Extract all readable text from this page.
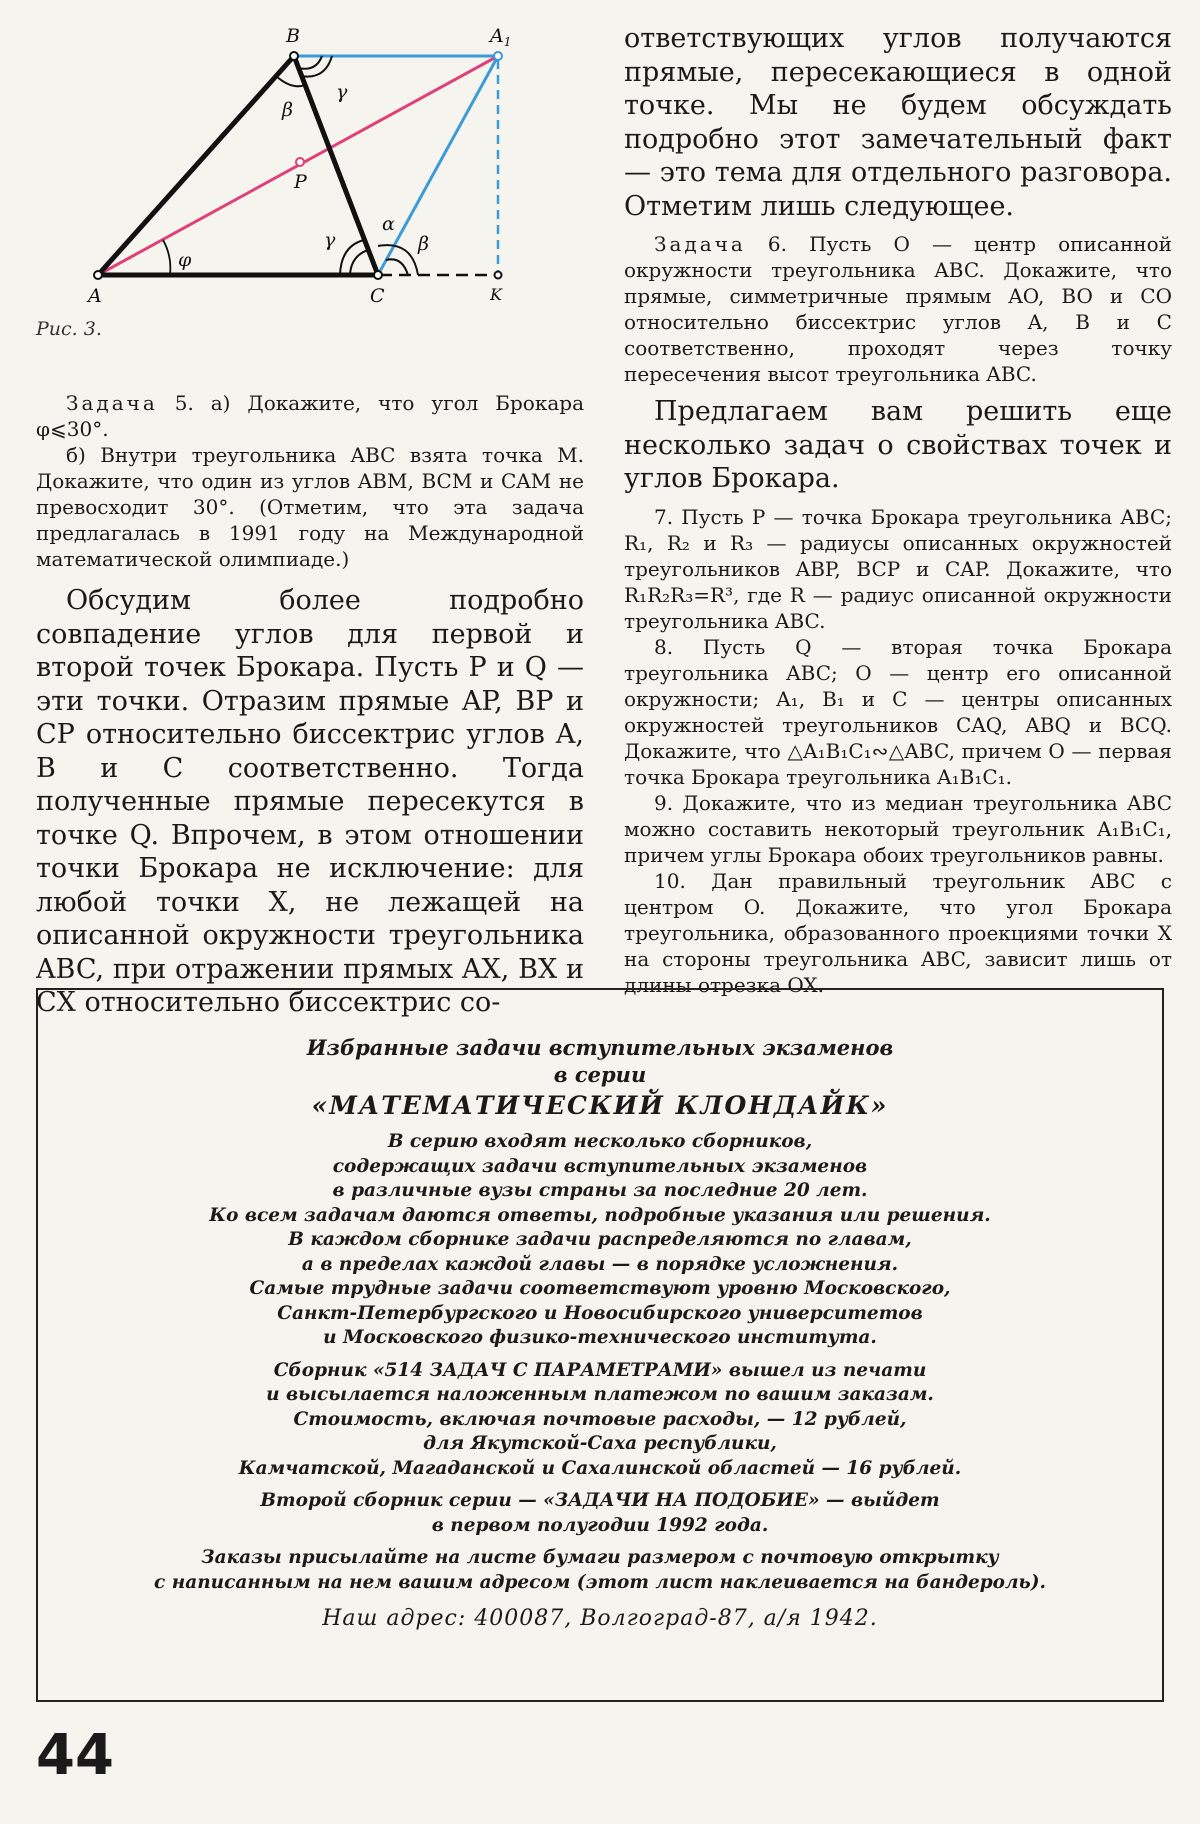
B	$A_1$
A	C	K
P
β
γ
γ
α
β
φ
Рис. 3.

Задача 5. а) Докажите, что угол Брокара φ⩽30°.

б) Внутри треугольника ABC взята точка M. Докажите, что один из углов ABM, BCM и CAM не превосходит 30°. (Отметим, что эта задача предлагалась в 1991 году на Международной математической олимпиаде.)

Обсудим более подробно совпадение углов для первой и второй точек Брокара. Пусть P и Q — эти точки. Отразим прямые AP, BP и CP относительно биссектрис углов A, B и C соответственно. Тогда полученные прямые пересекутся в точке Q. Впрочем, в этом отношении точки Брокара не исключение: для любой точки X, не лежащей на описанной окружности треугольника ABC, при отражении прямых AX, BX и CX относительно биссектрис со-

ответствующих углов получаются прямые, пересекающиеся в одной точке. Мы не будем обсуждать подробно этот замечательный факт — это тема для отдельного разговора. Отметим лишь следующее.

Задача 6. Пусть O — центр описанной окружности треугольника ABC. Докажите, что прямые, симметричные прямым AO, BO и CO относительно биссектрис углов A, B и C соответственно, проходят через точку пересечения высот треугольника ABC.

Предлагаем вам решить еще несколько задач о свойствах точек и углов Брокара.

7. Пусть P — точка Брокара треугольника ABC; R₁, R₂ и R₃ — радиусы описанных окружностей треугольников ABP, BCP и CAP. Докажите, что R₁R₂R₃=R³, где R — радиус описанной окружности треугольника ABC.

8. Пусть Q — вторая точка Брокара треугольника ABC; O — центр его описанной окружности; A₁, B₁ и C — центры описанных окружностей треугольников CAQ, ABQ и BCQ. Докажите, что △A₁B₁C₁∾△ABC, причем O — первая точка Брокара треугольника A₁B₁C₁.

9. Докажите, что из медиан треугольника ABC можно составить некоторый треугольник A₁B₁C₁, причем углы Брокара обоих треугольников равны.

10. Дан правильный треугольник ABC с центром O. Докажите, что угол Брокара треугольника, образованного проекциями точки X на стороны треугольника ABC, зависит лишь от длины отрезка OX.

Избранные задачи вступительных экзаменов
в серии
«МАТЕМАТИЧЕСКИЙ КЛОНДАЙК»
В серию входят несколько сборников,
содержащих задачи вступительных экзаменов
в различные вузы страны за последние 20 лет.
Ко всем задачам даются ответы, подробные указания или решения.
В каждом сборнике задачи распределяются по главам,
а в пределах каждой главы — в порядке усложнения.
Самые трудные задачи соответствуют уровню Московского,
Санкт-Петербургского и Новосибирского университетов
и Московского физико-технического института.
Сборник «514 ЗАДАЧ С ПАРАМЕТРАМИ» вышел из печати
и высылается наложенным платежом по вашим заказам.
Стоимость, включая почтовые расходы, — 12 рублей,
для Якутской-Саха республики,
Камчатской, Магаданской и Сахалинской областей — 16 рублей.
Второй сборник серии — «ЗАДАЧИ НА ПОДОБИЕ» — выйдет
в первом полугодии 1992 года.
Заказы присылайте на листе бумаги размером с почтовую открытку
с написанным на нем вашим адресом (этот лист наклеивается на бандероль).
Наш адрес: 400087, Волгоград-87, а/я 1942.
44
